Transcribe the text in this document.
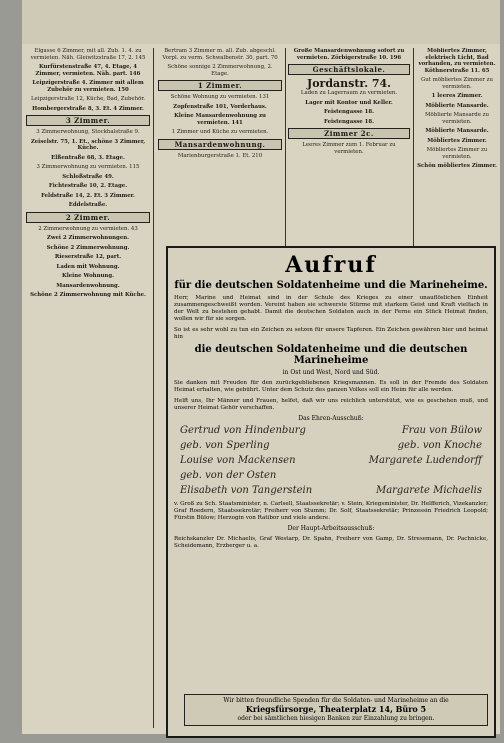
Elgasse 6 Zimmer, mit all. Zub. 1. 4. zu vermieten. Näh. Gleiwitzstraße 17, 2. 145
Kurfürstenstraße 47, 4. Etage, 4 Zimmer, vermieten. Näh. part. 146
Leipzigerstraße 4. Zimmer mit allem Zubehör zu vermieten. 150
Leipzigerstraße 12, Küche, Bad, Zubehör.
Hombergerstraße 8, 3. Et. 4 Zimmer.
3 Zimmer.
3 Zimmerwohnung, Stockhalstraße 9.
Zeiselstr. 75, 1. Et., schöne 3 Zimmer, Küche.
Elßentraße 68, 3. Etage.
3 Zimmerwohnung zu vermieten. 115
Schloßstraße 49.
Fichtestraße 10, 2. Etage.
Feldstraße 14, 2. Et. 3 Zimmer.
Eddelstraße.
2 Zimmer.
2 Zimmerwohnung zu vermieten. 43
Zwei 2 Zimmerwohnungen.
Schöne 2 Zimmerwohnung.
Rieserstraße 12, part.
Laden mit Wohnung.
Kleine Wohnung.
Mansardenwohnung.
Schöne 2 Zimmerwohnung mit Küche.
Bertram 3 Zimmer m. all. Zub. abgeschl. Vorpl. zu verm. Schwalbenstr. 30, part. 70
Schöne sonnige 2 Zimmerwohnung, 2. Etage.
1 Zimmer.
Schöne Wohnung zu vermieten. 131
Zopfenstraße 101, Vorderhaus.
Kleine Mansardenwohnung zu vermieten. 141
1 Zimmer und Küche zu vermieten.
Mansardenwohnung.
Marienburgerstraße 1. Et. 210
Große Mansardenwohnung sofort zu vermieten. Zörbigerstraße 10. 196
Geschäftslokale.
Jordanstr. 74.
Laden zu Lagerraum zu vermieten.
Lager mit Kontor und Keller.
Feistengasse 18.
Feistengasse 18.
Zimmer 2c.
Leeres Zimmer zum 1. Februar zu vermieten.
Möbliertes Zimmer, elektrisch Licht, Bad vorhanden, zu vermieten. Köthnerstraße 11. 65
Gut möbliertes Zimmer zu vermieten.
1 leeres Zimmer.
Möblierte Mansarde.
Möblierte Mansarde zu vermieten.
Möblierte Mansarde.
Möbliertes Zimmer.
Möbliertes Zimmer zu vermieten.
Schön möbliertes Zimmer.
Aufruf
für die deutschen Soldatenheime und die Marineheime.
Herr, Marine und Heimat sind in der Schule des Krieges zu einer unauflöslichen Einheit zusammengeschweißt worden. Vereint haben sie schwerste Stürme mit starkem Geist und Kraft vielfach in der Welt zu bestehen gehabt. Damit die deutschen Soldaten auch in der Ferne ein Stück Heimat finden, wollen wir für sie sorgen.
So ist es sehr wohl zu tun ein Zeichen zu setzen für unsere Tapferen. Ein Zeichen gewähren hier und heimat hin
die deutschen Soldatenheime und die deutschen Marineheime
in Ost und West, Nord und Süd.
Sie danken mit Freuden für den zurückgebliebenen Kriegsmannen. Es soll in der Fremde des Soldaten Heimat erhalten, wie gebührt. Unter dem Schutz des ganzen Volkes soll ein Heim für alle werden.
Helft uns, Ihr Männer und Frauen, helfet, daß wir uns reichlich unterstützt, wie es geschehen muß, und unserer Heimat Gehör verschaffen.
Das Ehren-Ausschuß:
Gertrud von Hindenburg	Frau von Bülow
geb. von Sperling	geb. von Knoche
Louise von Mackensen	Margarete Ludendorff
geb. von der Osten
Elisabeth von Tangerstein	Margarete Michaelis
v. Groß zu Sch. Staatsminister, n. Carlsell, Staatssekretär; v. Stein, Kriegsminister, Dr. Helfferich, Vizekanzler; Graf Roedern, Staatssekretär; Freiherr von Stumm; Dr. Solf, Staatssekretär; Prinzessin Friedrich Leopold; Fürstin Bülow; Herzogin von Ratibor und viele andere.
Der Haupt-Arbeitsausschuß:
Reichskanzler Dr. Michaelis, Graf Westarp, Dr. Spahn, Freiherr von Gamp, Dr. Stresemann, Dr. Pachnicke, Scheidemann, Erzberger u. a.
Wir bitten freundliche Spenden für die Soldaten- und Marineheime an die
Kriegsfürsorge, Theaterplatz 14, Büro 5
oder bei sämtlichen hiesigen Banken zur Einzahlung zu bringen.
